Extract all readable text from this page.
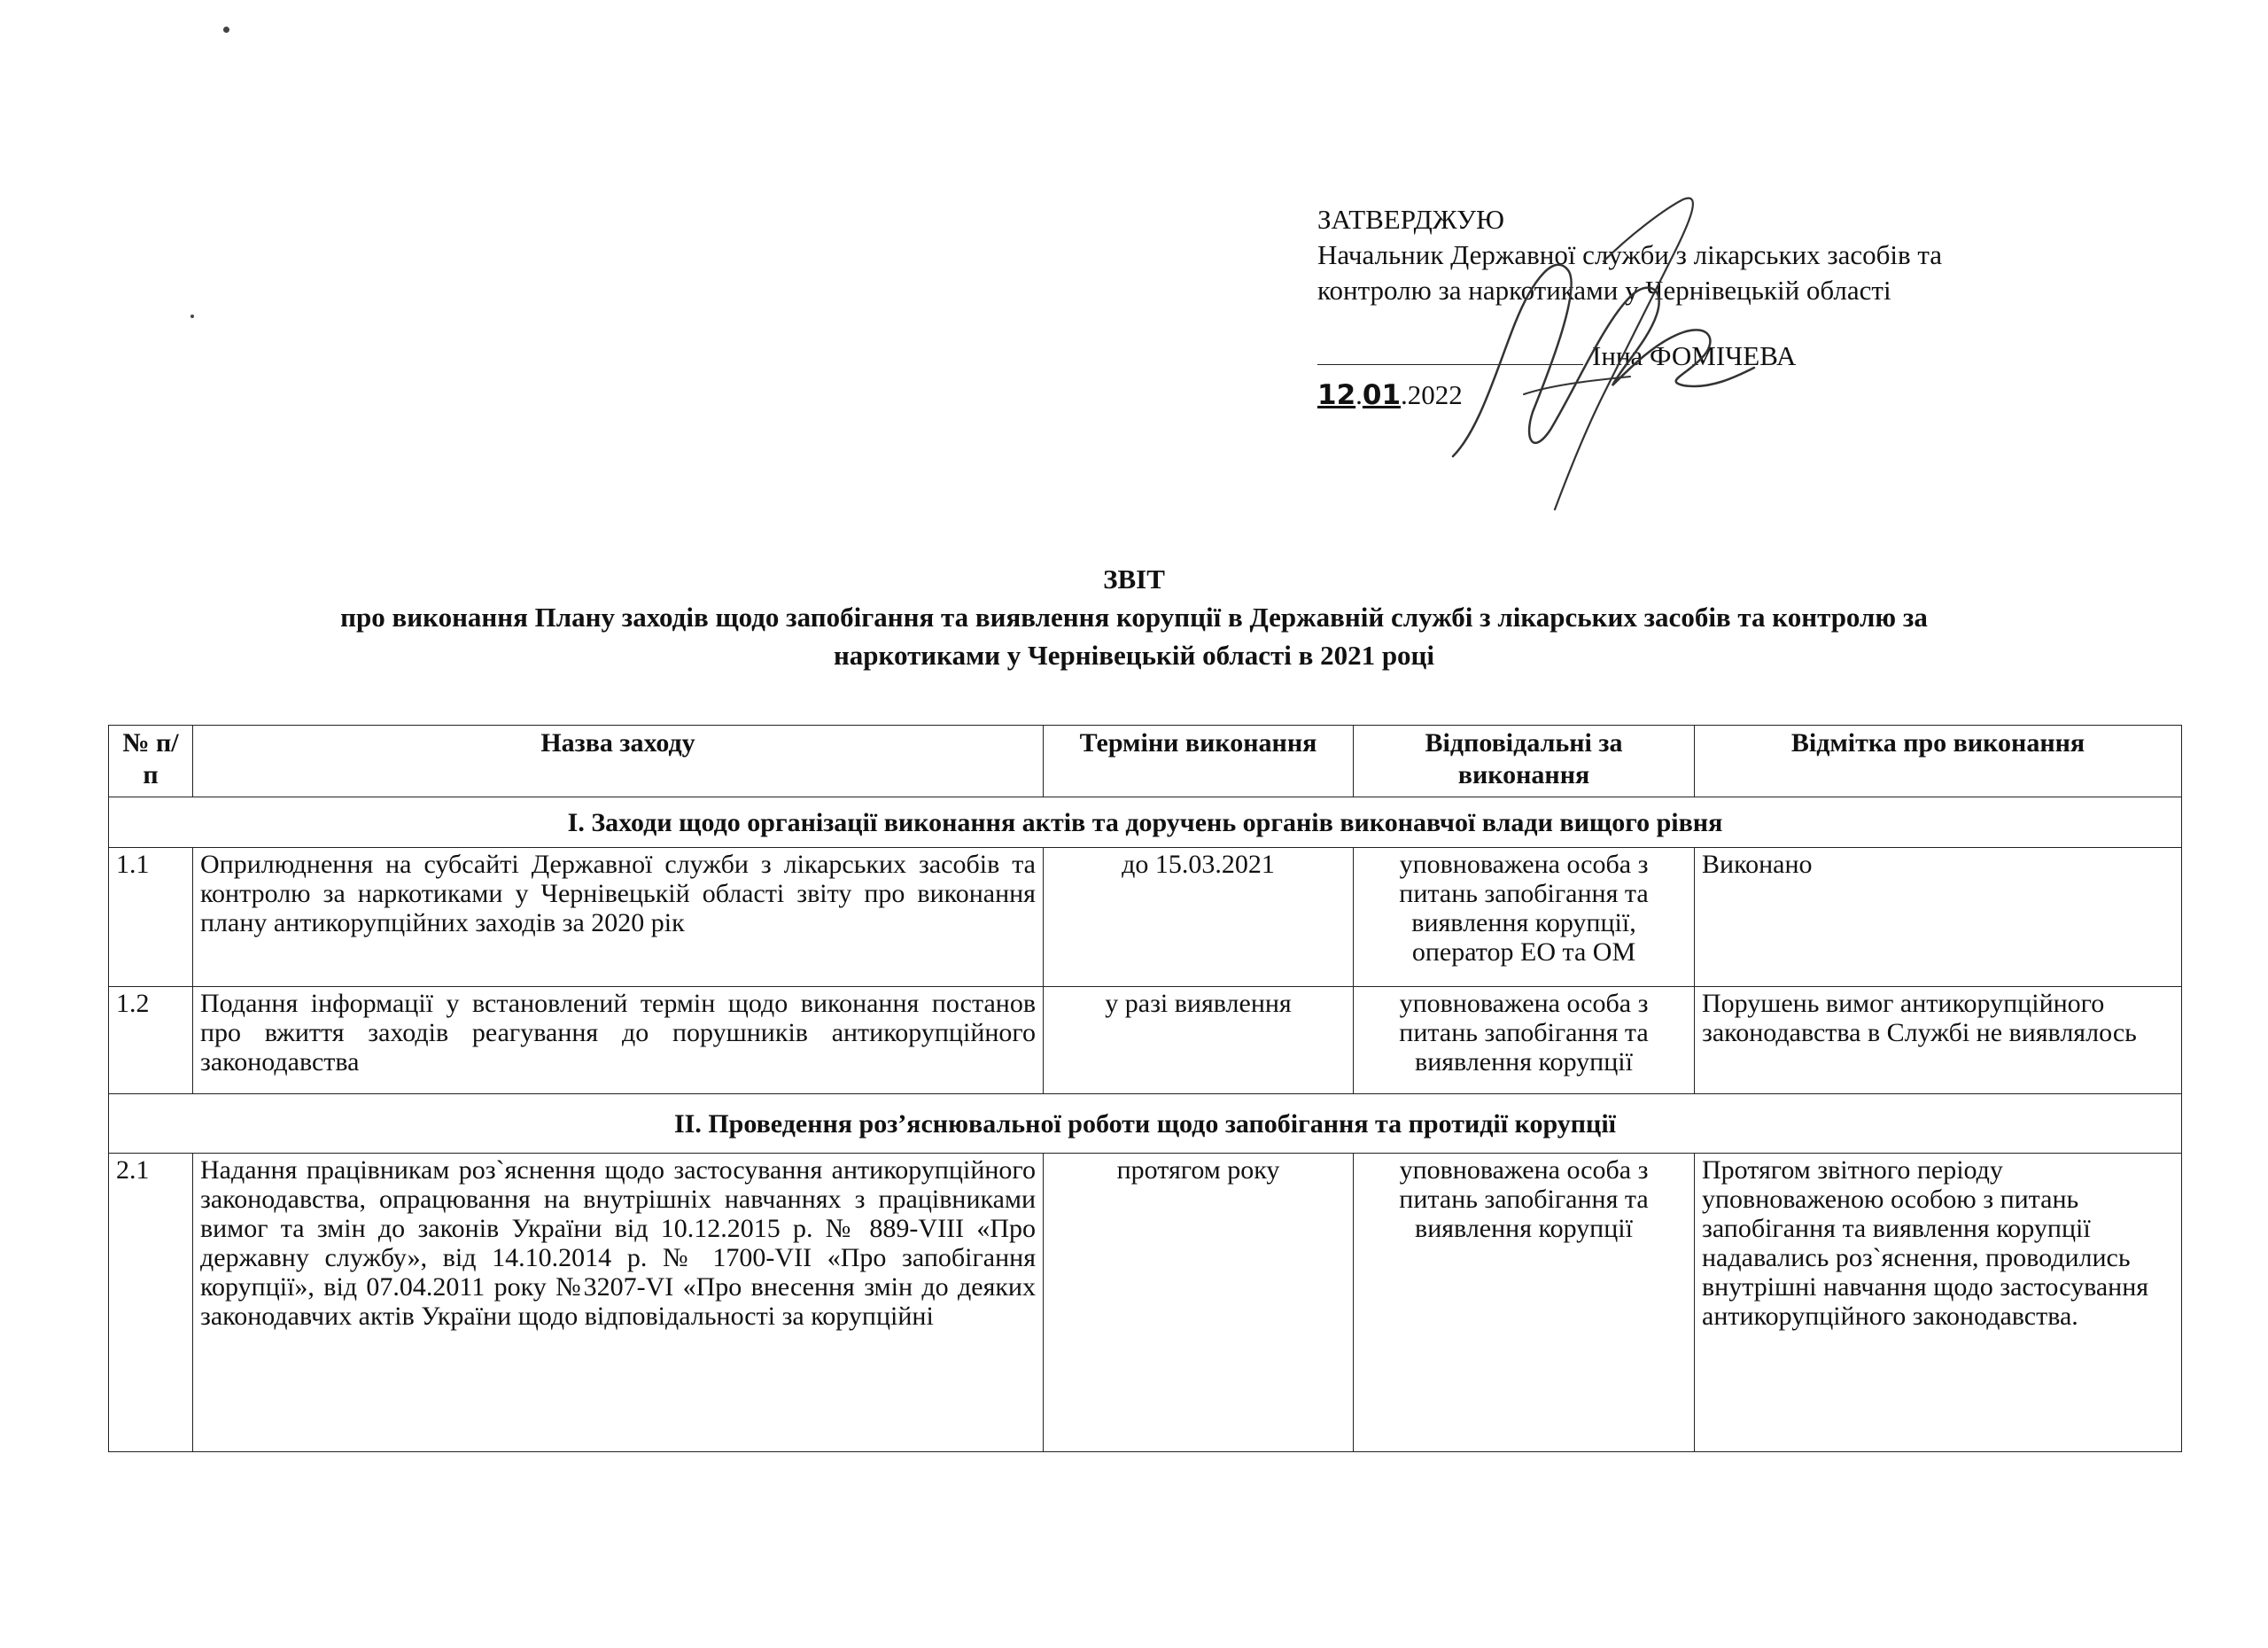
ЗАТВЕРДЖУЮ
Начальник Державної служби з лікарських засобів та
контролю за наркотиками у Чернівецькій області
Інна ФОМІЧЕВА
12.01.2022
ЗВІТ
про виконання Плану заходів щодо запобігання та виявлення корупції в Державній службі з лікарських засобів та контролю за
наркотиками у Чернівецькій області в 2021 році
№ п/п	Назва заходу	Терміни виконання	Відповідальні за виконання	Відмітка про виконання
І. Заходи щодо організації виконання актів та доручень органів виконавчої влади вищого рівня				
1.1	Оприлюднення на субсайті Державної служби з лікарських засобів та контролю за наркотиками у Чернівецькій області звіту про виконання плану антикорупційних заходів за 2020 рік	до 15.03.2021	уповноважена особа з питань запобігання та виявлення корупції, оператор ЕО та ОМ	Виконано
1.2	Подання інформації у встановлений термін щодо виконання постанов про вжиття заходів реагування до порушників антикорупційного законодавства	у разі виявлення	уповноважена особа з питань запобігання та виявлення корупції	Порушень вимог антикорупційного законодавства в Службі не виявлялось
ІІ. Проведення роз’яснювальної роботи щодо запобігання та протидії корупції				
2.1	Надання працівникам роз`яснення щодо застосування антикорупційного законодавства, опрацювання на внутрішніх навчаннях з працівниками вимог та змін до законів України від 10.12.2015 р. № 889-VIII «Про державну службу», від 14.10.2014 р. № 1700-VII «Про запобігання корупції», від 07.04.2011 року №3207-VI «Про внесення змін до деяких законодавчих актів України щодо відповідальності за корупційні	протягом року	уповноважена особа з питань запобігання та виявлення корупції	Протягом звітного періоду уповноваженою особою з питань запобігання та виявлення корупції надавались роз`яснення, проводились внутрішні навчання щодо застосування антикорупційного законодавства.
